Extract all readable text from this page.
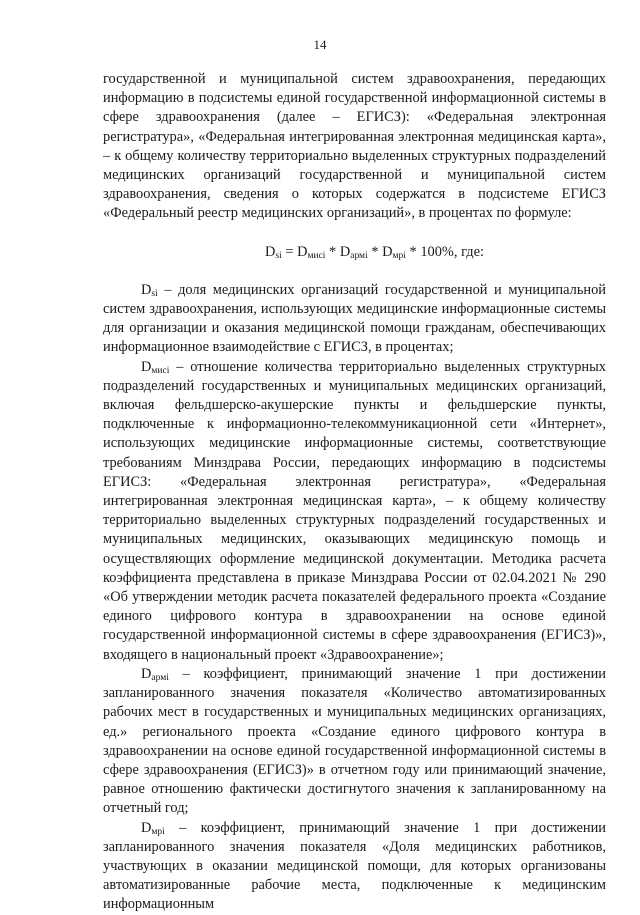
14

государственной и муниципальной систем здравоохранения, передающих информацию в подсистемы единой государственной информационной системы в сфере здравоохранения (далее – ЕГИСЗ): «Федеральная электронная регистратура», «Федеральная интегрированная электронная медицинская карта», – к общему количеству территориально выделенных структурных подразделений медицинских организаций государственной и муниципальной систем здравоохранения, сведения о которых содержатся в подсистеме ЕГИСЗ «Федеральный реестр медицинских организаций», в процентах по формуле:

$D_{si} = D_{мисi} * D_{армi} * D_{мрi} * 100\%$, где:

$D_{si}$ – доля медицинских организаций государственной и муниципальной систем здравоохранения, использующих медицинские информационные системы для организации и оказания медицинской помощи гражданам, обеспечивающих информационное взаимодействие с ЕГИСЗ, в процентах;

$D_{мисi}$ – отношение количества территориально выделенных структурных подразделений государственных и муниципальных медицинских организаций, включая фельдшерско-акушерские пункты и фельдшерские пункты, подключенные к информационно-телекоммуникационной сети «Интернет», использующих медицинские информационные системы, соответствующие требованиям Минздрава России, передающих информацию в подсистемы ЕГИСЗ: «Федеральная электронная регистратура», «Федеральная интегрированная электронная медицинская карта», – к общему количеству территориально выделенных структурных подразделений государственных и муниципальных медицинских, оказывающих медицинскую помощь и осуществляющих оформление медицинской документации. Методика расчета коэффициента представлена в приказе Минздрава России от 02.04.2021 № 290 «Об утверждении методик расчета показателей федерального проекта «Создание единого цифрового контура в здравоохранении на основе единой государственной информационной системы в сфере здравоохранения (ЕГИСЗ)», входящего в национальный проект «Здравоохранение»;

$D_{армi}$ – коэффициент, принимающий значение 1 при достижении запланированного значения показателя «Количество автоматизированных рабочих мест в государственных и муниципальных медицинских организациях, ед.» регионального проекта «Создание единого цифрового контура в здравоохранении на основе единой государственной информационной системы в сфере здравоохранения (ЕГИСЗ)» в отчетном году или принимающий значение, равное отношению фактически достигнутого значения к запланированному на отчетный год;

$D_{мрi}$ – коэффициент, принимающий значение 1 при достижении запланированного значения показателя «Доля медицинских работников, участвующих в оказании медицинской помощи, для которых организованы автоматизированные рабочие места, подключенные к медицинским информационным
